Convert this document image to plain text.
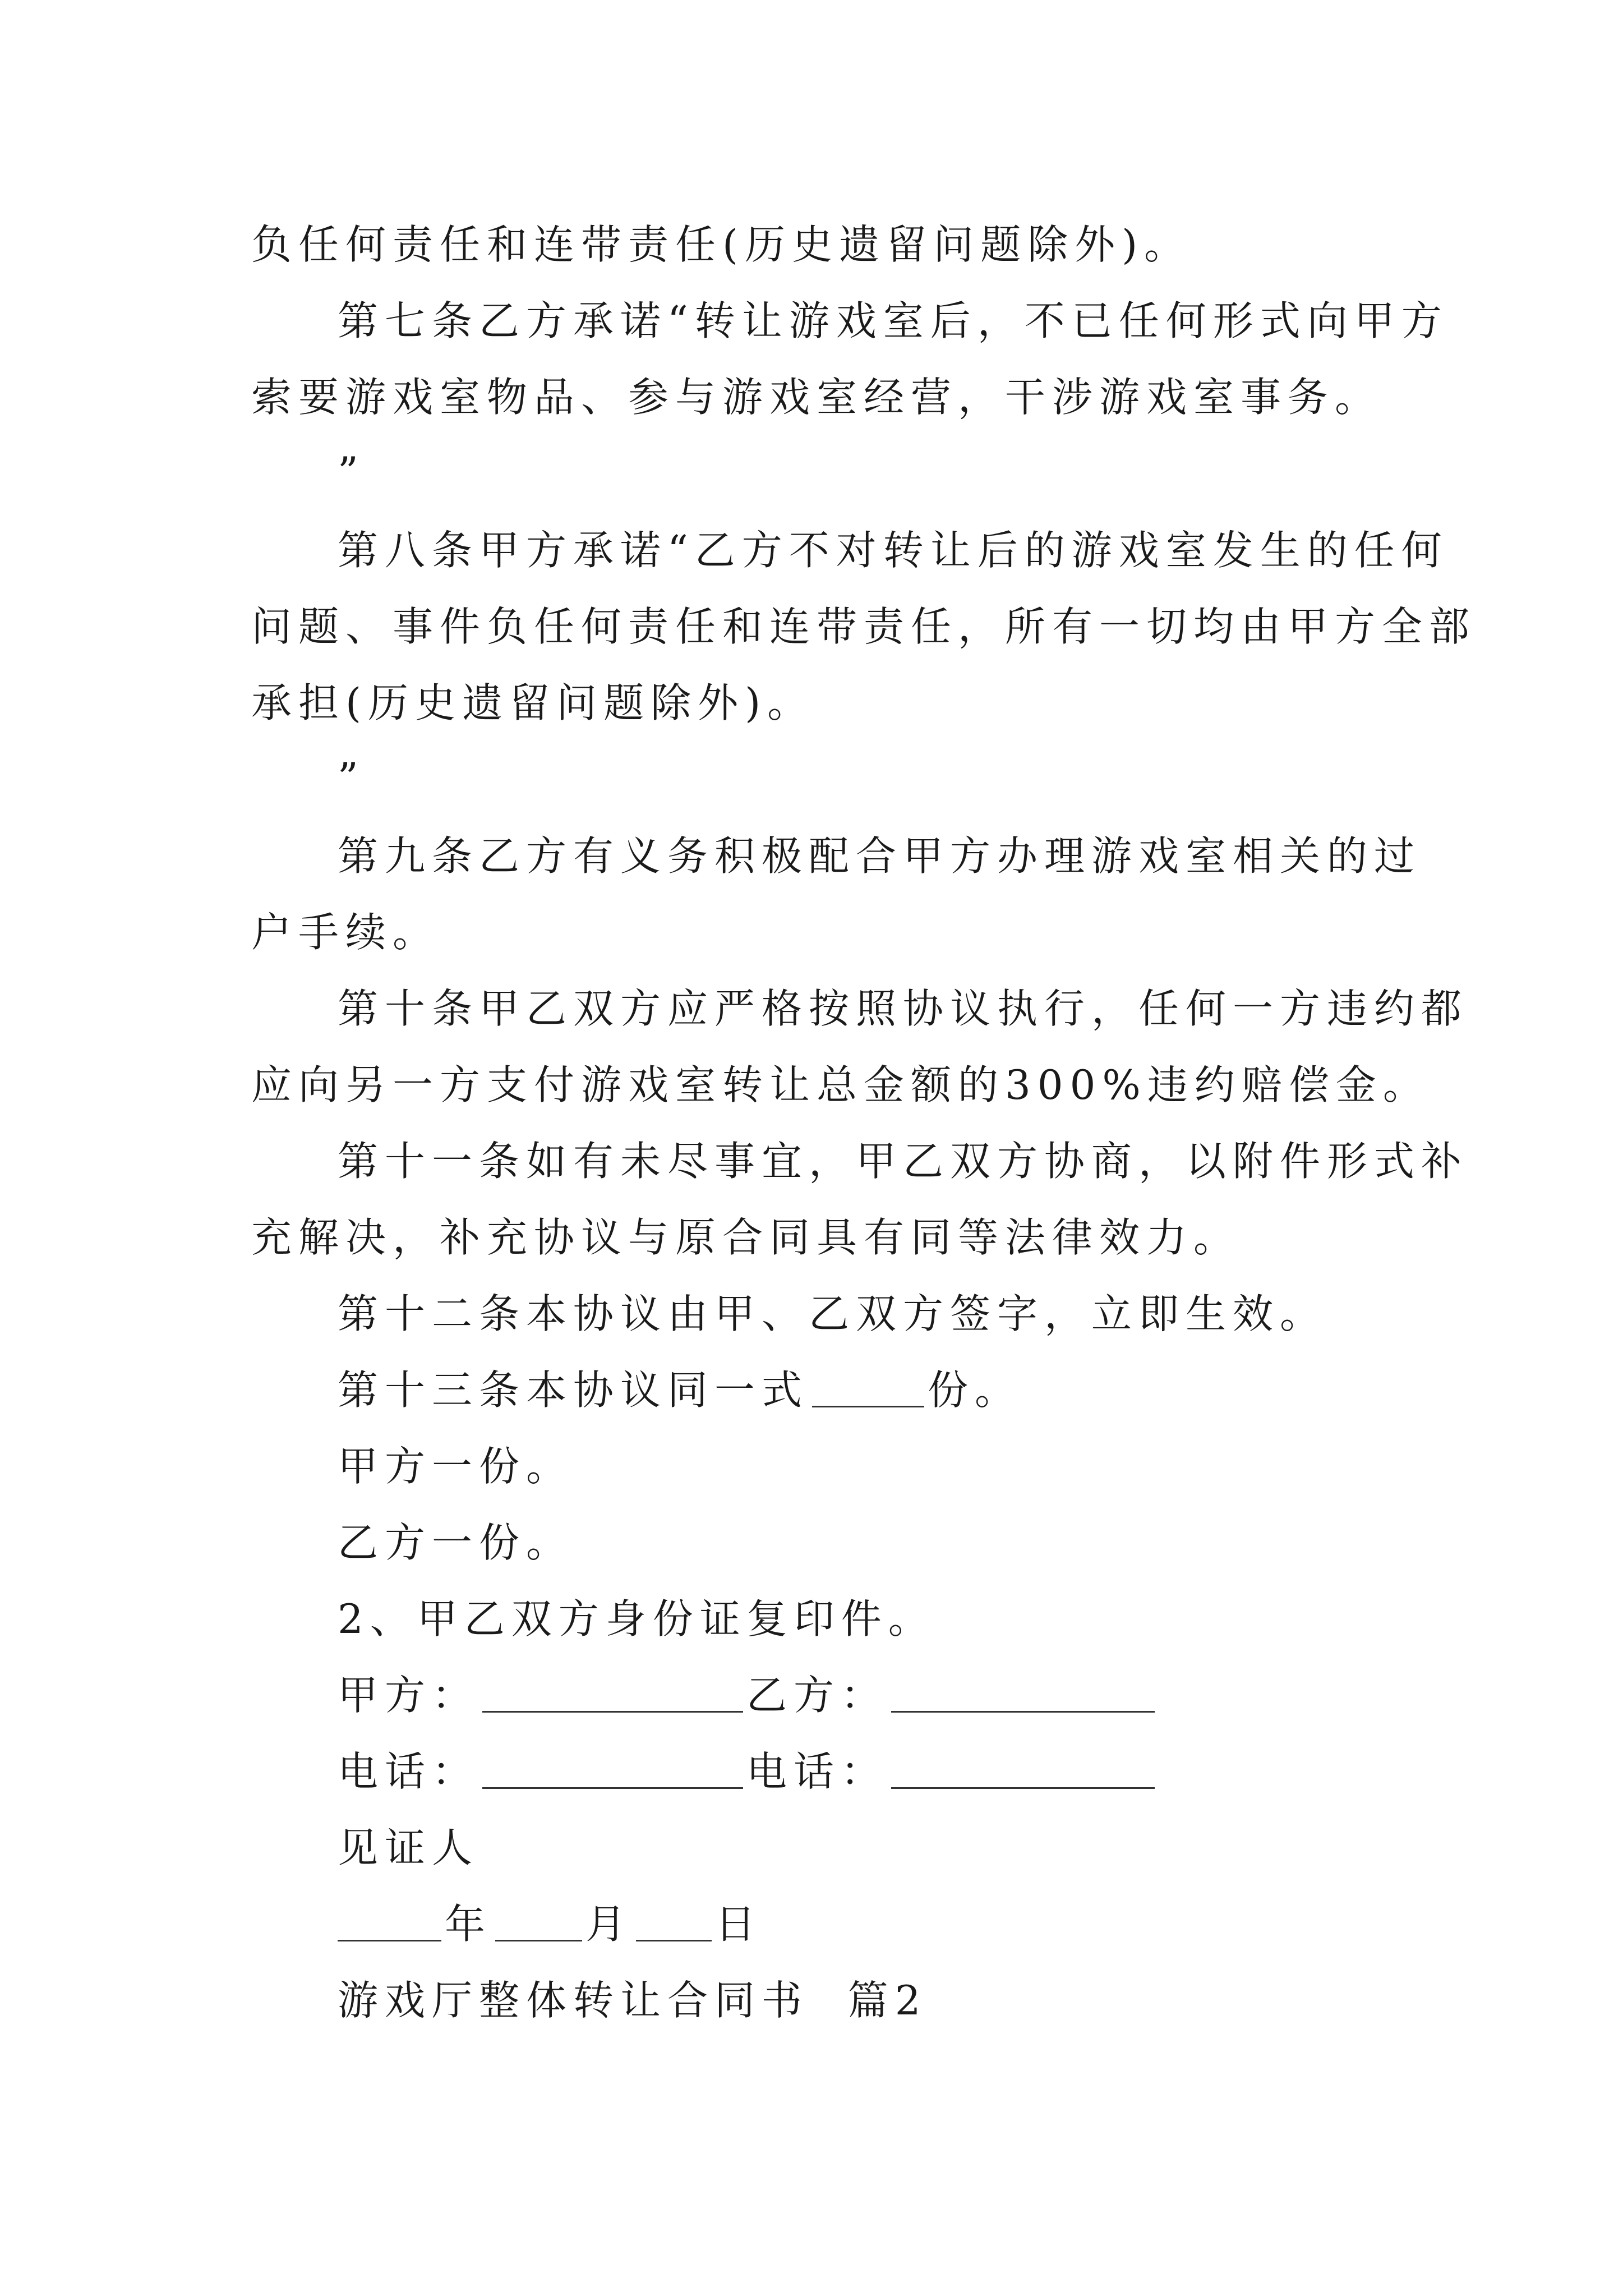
负任何责任和连带责任(历史遗留问题除外)。
第七条乙方承诺“转让游戏室后，不已任何形式向甲方
索要游戏室物品、参与游戏室经营，干涉游戏室事务。
”
第八条甲方承诺“乙方不对转让后的游戏室发生的任何
问题、事件负任何责任和连带责任，所有一切均由甲方全部
承担(历史遗留问题除外)。
”
第九条乙方有义务积极配合甲方办理游戏室相关的过
户手续。
第十条甲乙双方应严格按照协议执行，任何一方违约都
应向另一方支付游戏室转让总金额的300%违约赔偿金。
第十一条如有未尽事宜，甲乙双方协商，以附件形式补
充解决，补充协议与原合同具有同等法律效力。
第十二条本协议由甲、乙双方签字，立即生效。
第十三条本协议同一式	份。
甲方一份。
乙方一份。
2、甲乙双方身份证复印件。
甲方：	乙方：
电话：	电话：
见证人
年 月 日
游戏厅整体转让合同书  篇2
